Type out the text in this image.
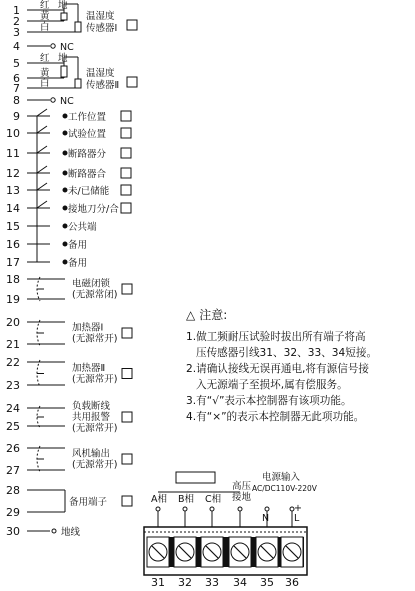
1
2
3
4
5
6
7
8
9
10
11
12
13
14
15
16
17
18
19
20
21
22
23
24
25
26
27
28
29
30
红 地
黄
白
温湿度
传感器Ⅰ
红 地
黄
白
温湿度
传感器Ⅱ
NC
NC
工作位置
试验位置
断路器分
断路器合
未/已储能
接地刀分/合
公共端
备用
备用
电磁闭锁
(无源常闭)
加热器Ⅰ
(无源常开)
加热器Ⅱ
(无源常开)
负载断线
共用报警
(无源常开)
风机输出
(无源常开)
备用端子
地线
A相 B相 C相
高压
接地
电源输入
AC/DC110V-220V
+
N	L
31 32 33 34 35 36
△ 注意:

1.做工频耐压试验时拔出所有端子将高

压传感器引线31、32、33、34短接。

2.请确认接线无误再通电,将有源信号接

入无源端子至损坏,属有偿服务。

3.有“√”表示本控制器有该项功能。

4.有“×”的表示本控制器无此项功能。
